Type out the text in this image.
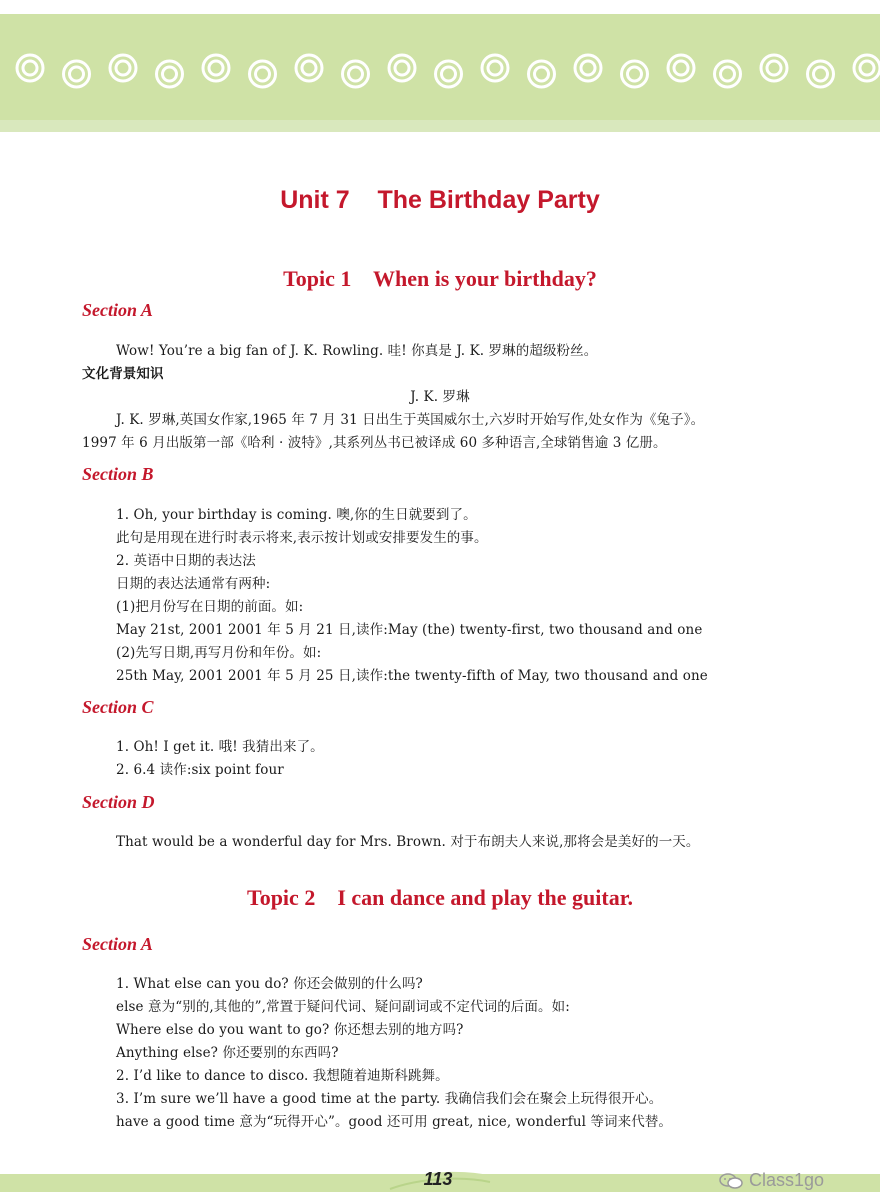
Unit 7    The Birthday Party
Topic 1    When is your birthday?
Section A
Wow! You’re a big fan of J. K. Rowling. 哇! 你真是 J. K. 罗琳的超级粉丝。
文化背景知识
J. K. 罗琳
J. K. 罗琳,英国女作家,1965 年 7 月 31 日出生于英国威尔士,六岁时开始写作,处女作为《兔子》。
1997 年 6 月出版第一部《哈利 · 波特》,其系列丛书已被译成 60 多种语言,全球销售逾 3 亿册。
Section B
1. Oh, your birthday is coming. 噢,你的生日就要到了。
此句是用现在进行时表示将来,表示按计划或安排要发生的事。
2. 英语中日期的表达法
日期的表达法通常有两种:
(1)把月份写在日期的前面。如:
May 21st, 2001 2001 年 5 月 21 日,读作:May (the) twenty-first, two thousand and one
(2)先写日期,再写月份和年份。如:
25th May, 2001 2001 年 5 月 25 日,读作:the twenty-fifth of May, two thousand and one
Section C
1. Oh! I get it. 哦! 我猜出来了。
2. 6.4 读作:six point four
Section D
That would be a wonderful day for Mrs. Brown. 对于布朗夫人来说,那将会是美好的一天。
Topic 2    I can dance and play the guitar.
Section A
1. What else can you do? 你还会做别的什么吗?
else 意为“别的,其他的”,常置于疑问代词、疑问副词或不定代词的后面。如:
Where else do you want to go? 你还想去别的地方吗?
Anything else? 你还要别的东西吗?
2. I’d like to dance to disco. 我想随着迪斯科跳舞。
3. I’m sure we’ll have a good time at the party. 我确信我们会在聚会上玩得很开心。
have a good time 意为“玩得开心”。good 还可用 great, nice, wonderful 等词来代替。
113	Class1go
